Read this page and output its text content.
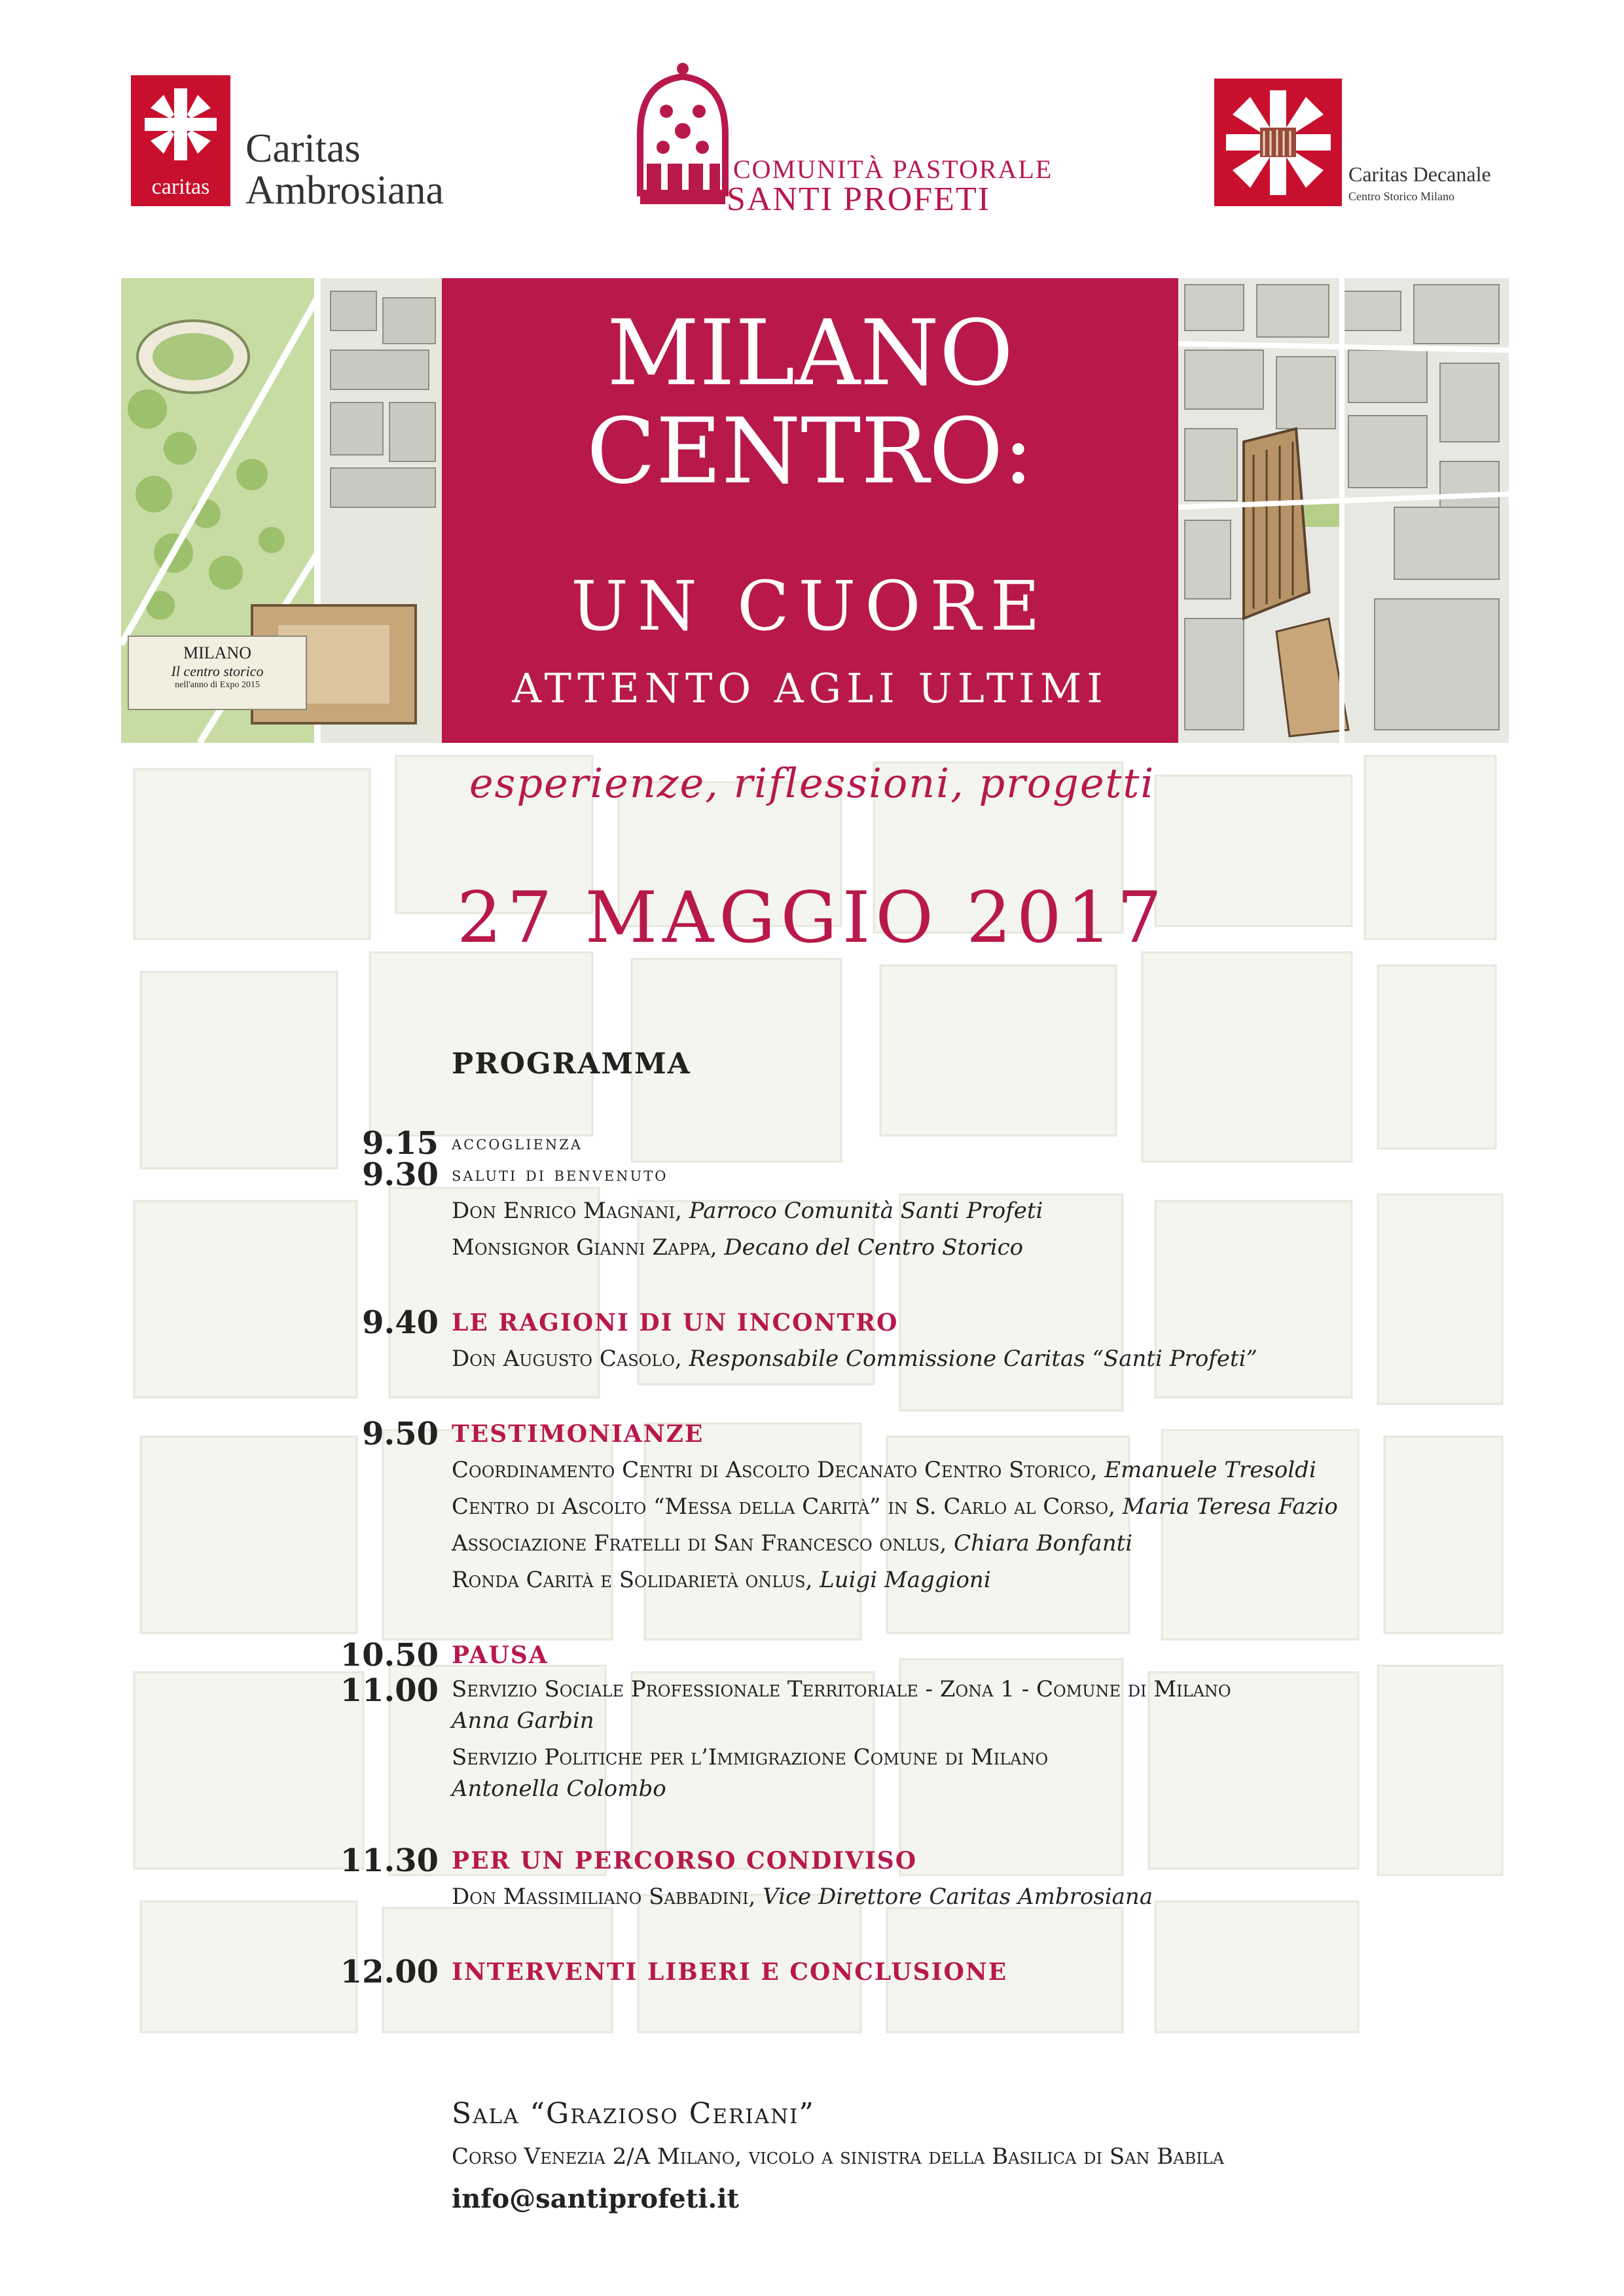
caritas
Caritas
Ambrosiana	COMUNITÀ PASTORALE
SANTI PROFETI
Caritas Decanale
Centro Storico Milano
MILANO
Il centro storico
nell'anno di Expo 2015
MILANO
CENTRO:
UN CUORE
ATTENTO AGLI ULTIMI
esperienze, riflessioni, progetti
27 MAGGIO 2017
PROGRAMMA
9.15 accoglienza
9.30 saluti di benvenuto
Don Enrico Magnani, Parroco Comunità Santi Profeti
Monsignor Gianni Zappa, Decano del Centro Storico
9.40 LE RAGIONI DI UN INCONTRO
Don Augusto Casolo, Responsabile Commissione Caritas “Santi Profeti”
9.50 TESTIMONIANZE
Coordinamento Centri di Ascolto Decanato Centro Storico, Emanuele Tresoldi
Centro di Ascolto “Messa della Carità” in S. Carlo al Corso, Maria Teresa Fazio
Associazione Fratelli di San Francesco onlus, Chiara Bonfanti
Ronda Carità e Solidarietà onlus, Luigi Maggioni
10.50 PAUSA
11.00 Servizio Sociale Professionale Territoriale - Zona 1 - Comune di Milano
Anna Garbin
Servizio Politiche per l’Immigrazione Comune di Milano
Antonella Colombo
11.30 PER UN PERCORSO CONDIVISO
Don Massimiliano Sabbadini, Vice Direttore Caritas Ambrosiana
12.00 INTERVENTI LIBERI E CONCLUSIONE
Sala “Grazioso Ceriani”
Corso Venezia 2/A Milano, vicolo a sinistra della Basilica di San Babila
info@santiprofeti.it
